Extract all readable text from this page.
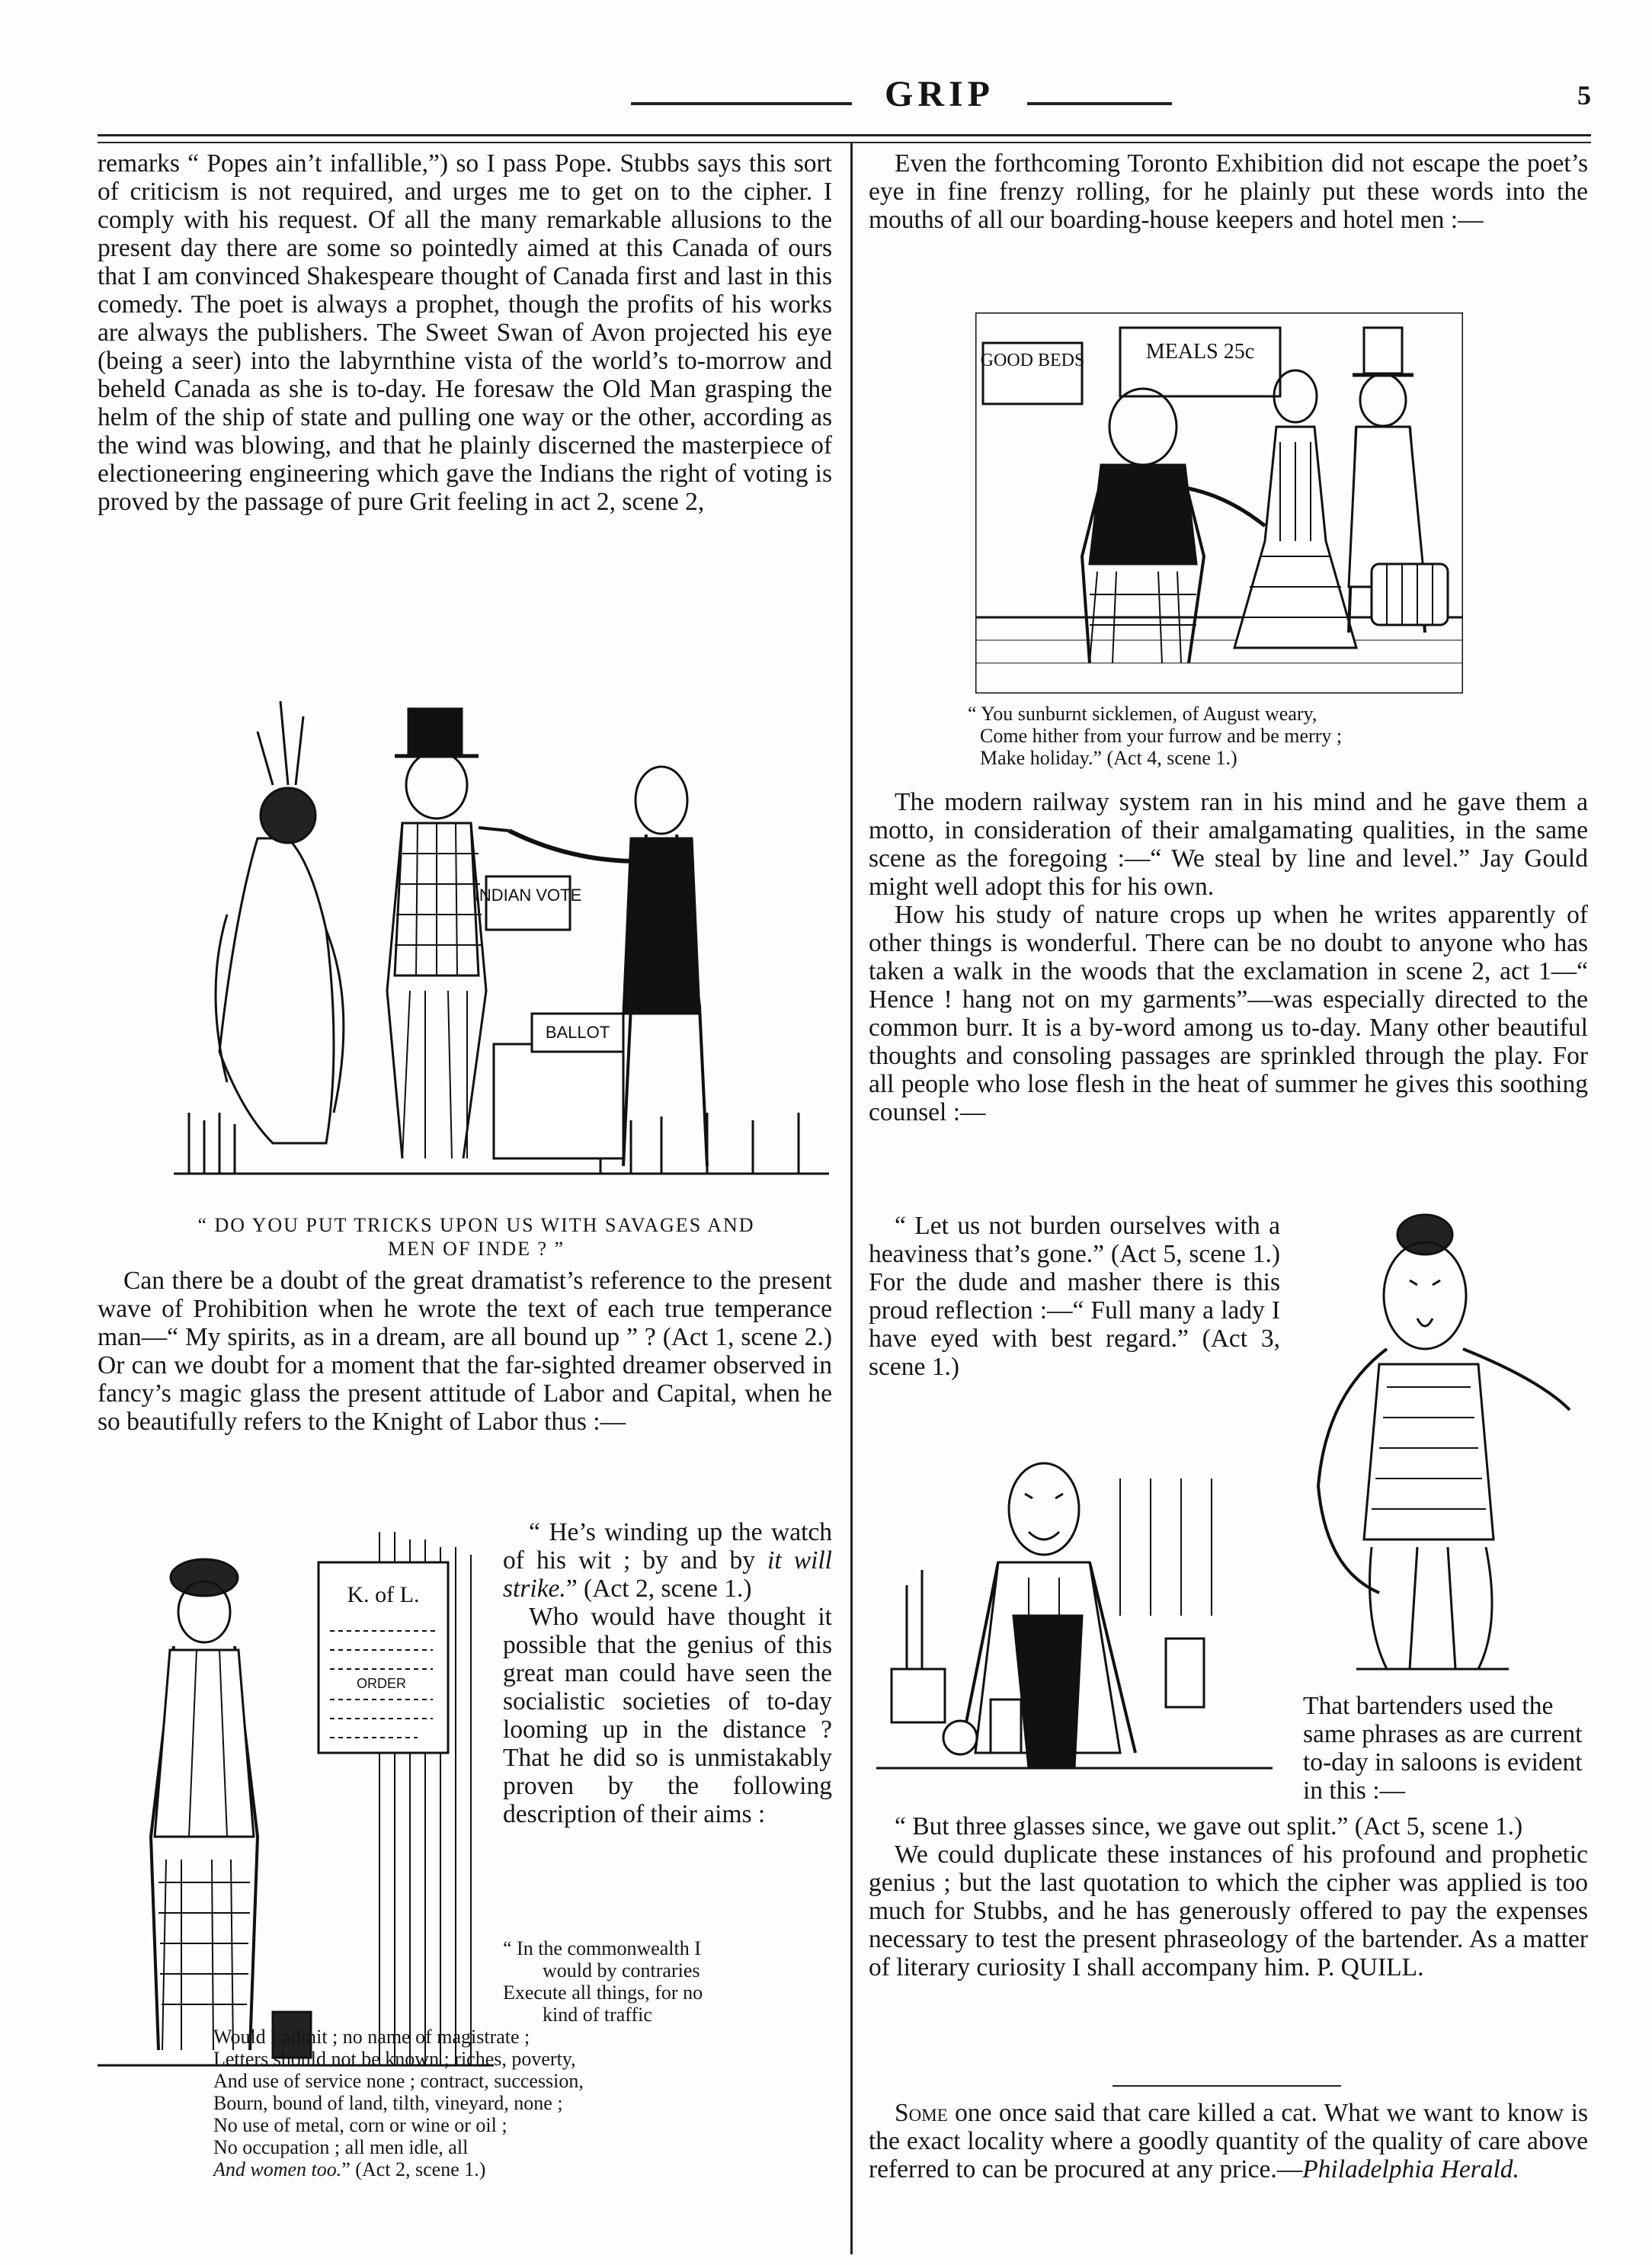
GRIP	5

remarks “ Popes ain’t infallible,”) so I pass Pope. Stubbs says this sort of criticism is not required, and urges me to get on to the cipher. I comply with his request. Of all the many remarkable allusions to the present day there are some so pointedly aimed at this Canada of ours that I am convinced Shakespeare thought of Canada first and last in this comedy. The poet is always a prophet, though the profits of his works are always the publishers. The Sweet Swan of Avon projected his eye (being a seer) into the labyrnthine vista of the world’s to-morrow and beheld Canada as she is to-day. He foresaw the Old Man grasping the helm of the ship of state and pulling one way or the other, according as the wind was blowing, and that he plainly discerned the masterpiece of electioneering engineering which gave the Indians the right of voting is proved by the passage of pure Grit feeling in act 2, scene 2,

INDIAN VOTE
BALLOT
“ DO YOU PUT TRICKS UPON US WITH SAVAGES AND
MEN OF INDE ? ”

Can there be a doubt of the great dramatist’s reference to the present wave of Prohibition when he wrote the text of each true temperance man—“ My spirits, as in a dream, are all bound up ” ? (Act 1, scene 2.) Or can we doubt for a moment that the far-sighted dreamer observed in fancy’s magic glass the present attitude of Labor and Capital, when he so beautifully refers to the Knight of Labor thus :—

K. of L.
ORDER

“ He’s winding up the watch of his wit ; by and by it will strike.” (Act 2, scene 1.)

Who would have thought it possible that the genius of this great man could have seen the socialistic societies of to-day looming up in the distance ? That he did so is unmistakably proven by the following description of their aims :

“ In the commonwealth I
would by contraries
Execute all things, for no
kind of traffic
Would I admit ; no name of magistrate ;
Letters should not be known ; riches, poverty,
And use of service none ; contract, succession,
Bourn, bound of land, tilth, vineyard, none ;
No use of metal, corn or wine or oil ;
No occupation ; all men idle, all
And women too.” (Act 2, scene 1.)

Even the forthcoming Toronto Exhibition did not escape the poet’s eye in fine frenzy rolling, for he plainly put these words into the mouths of all our boarding-house keepers and hotel men :—

GOOD BEDS	MEALS 25c
“ You sunburnt sicklemen, of August weary,
Come hither from your furrow and be merry ;
Make holiday.” (Act 4, scene 1.)

The modern railway system ran in his mind and he gave them a motto, in consideration of their amalgamating qualities, in the same scene as the foregoing :—“ We steal by line and level.” Jay Gould might well adopt this for his own.

How his study of nature crops up when he writes apparently of other things is wonderful. There can be no doubt to anyone who has taken a walk in the woods that the exclamation in scene 2, act 1—“ Hence ! hang not on my garments”—was especially directed to the common burr. It is a by-word among us to-day. Many other beautiful thoughts and consoling passages are sprinkled through the play. For all people who lose flesh in the heat of summer he gives this soothing counsel :—

“ Let us not burden ourselves with a heaviness that’s gone.” (Act 5, scene 1.) For the dude and masher there is this proud reflection :—“ Full many a lady I have eyed with best regard.” (Act 3, scene 1.)

That bartenders used the same phrases as are current to-day in saloons is evident in this :—

“ But three glasses since, we gave out split.” (Act 5, scene 1.)

We could duplicate these instances of his profound and prophetic genius ; but the last quotation to which the cipher was applied is too much for Stubbs, and he has generously offered to pay the expenses necessary to test the present phraseology of the bartender. As a matter of literary curiosity I shall accompany him. P. QUILL.

Some one once said that care killed a cat. What we want to know is the exact locality where a goodly quantity of the quality of care above referred to can be procured at any price.—Philadelphia Herald.
